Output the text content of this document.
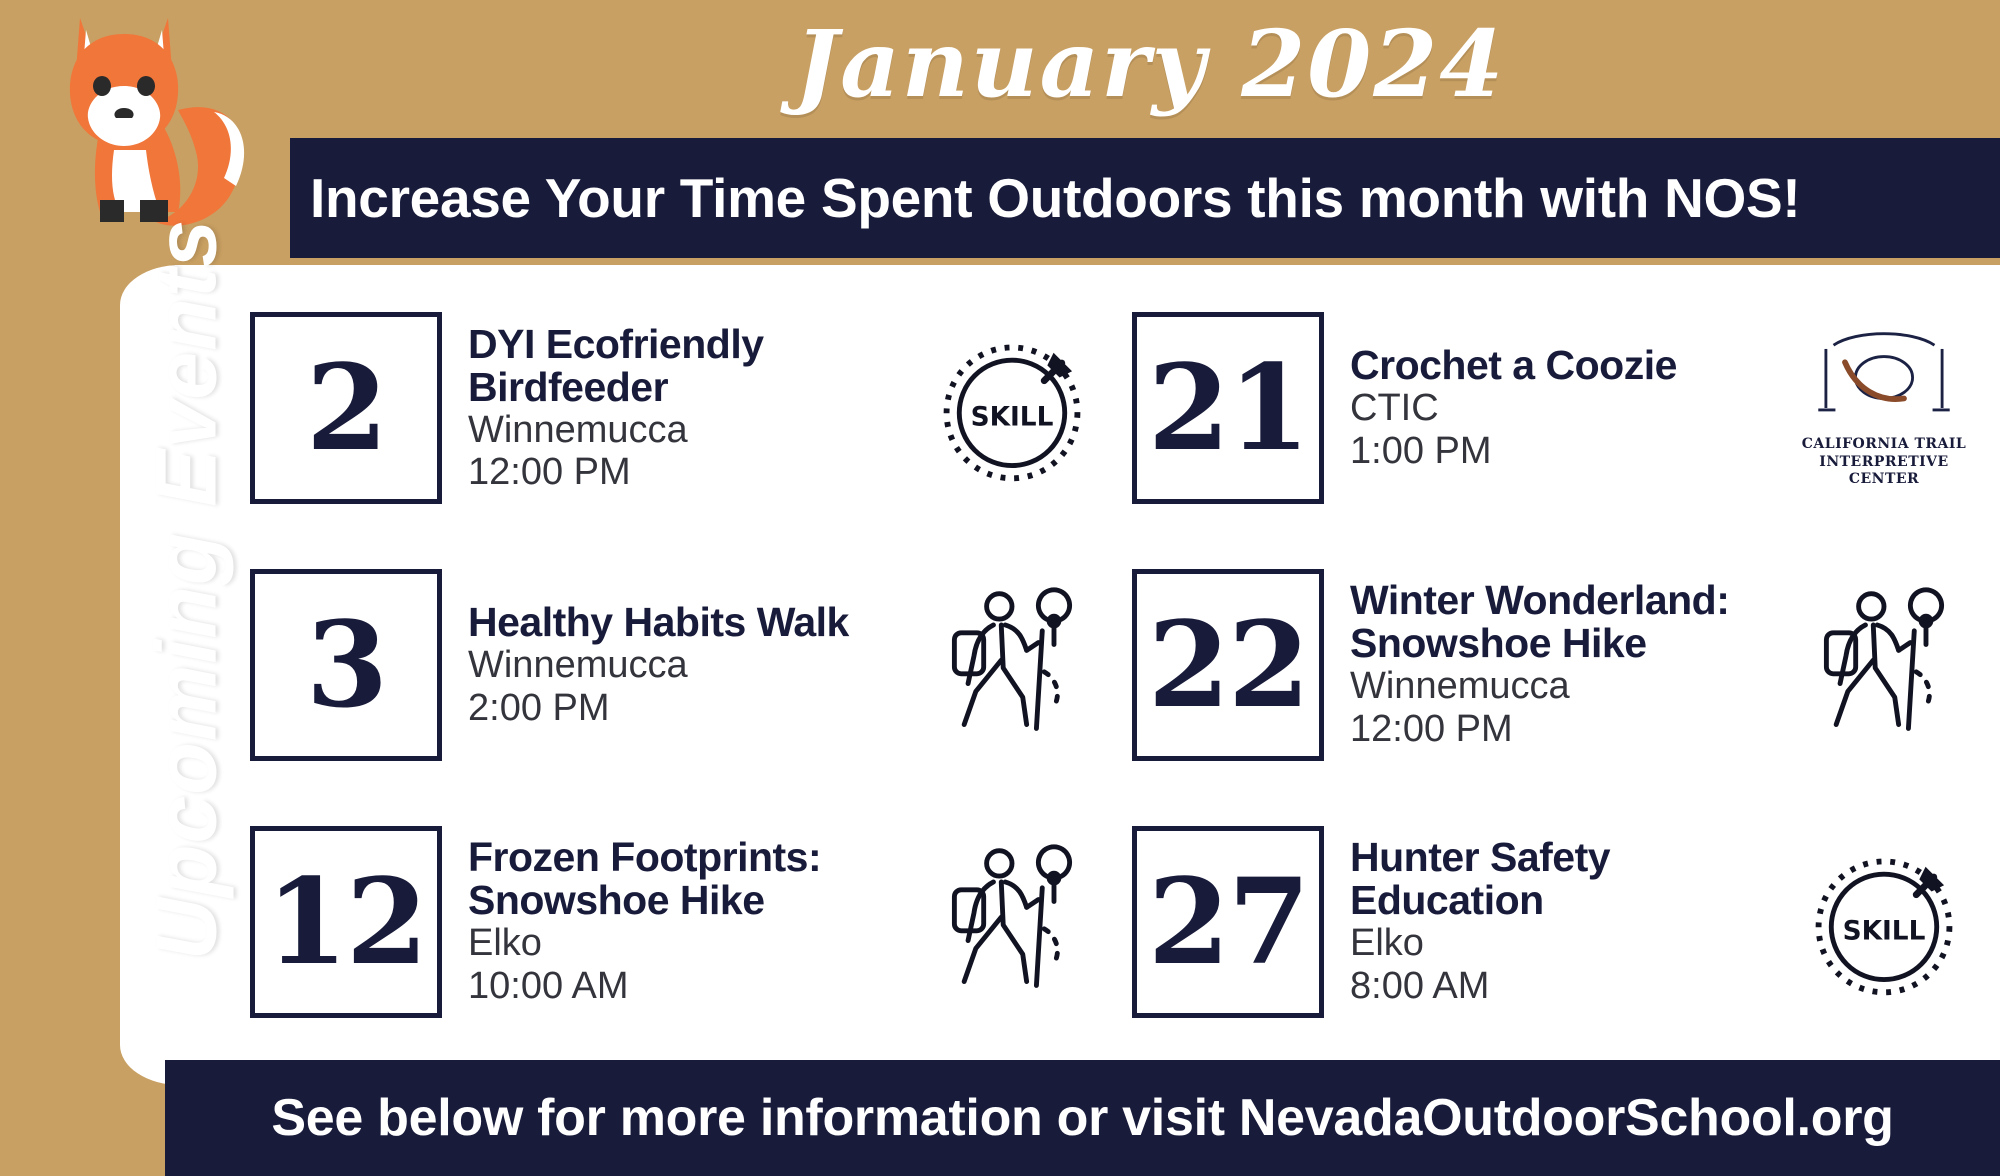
January 2024
Increase Your Time Spent Outdoors this month with NOS!
Upcoming Events 2 DYI Ecofriendly Birdfeeder
Winnemucca
12:00 PM
SKILL 21 Crochet a Coozie
CTIC
1:00 PM	CALIFORNIA TRAIL
INTERPRETIVE CENTER
3 Healthy Habits Walk
Winnemucca
2:00 PM	22 Winter Wonderland: Snowshoe Hike
Winnemucca
12:00 PM
12 Frozen Footprints: Snowshoe Hike
Elko
10:00 AM	27 Hunter Safety Education
Elko
8:00 AM
SKILL
See below for more information or visit NevadaOutdoorSchool.org
